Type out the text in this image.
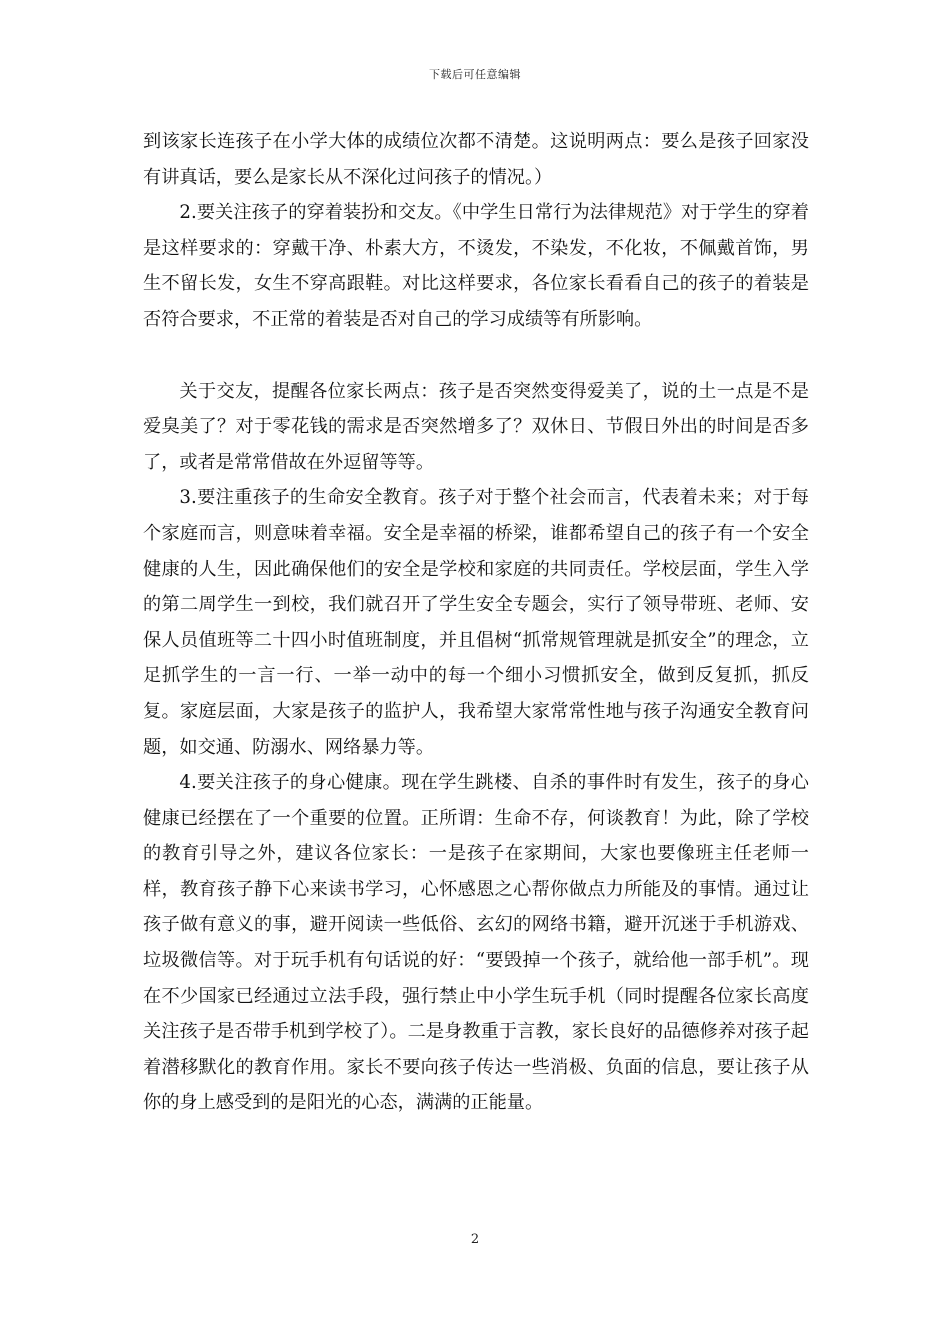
下载后可任意编辑

到该家长连孩子在小学大体的成绩位次都不清楚。这说明两点：要么是孩子回家没有讲真话，要么是家长从不深化过问孩子的情况。）

2.要关注孩子的穿着装扮和交友。《中学生日常行为法律规范》对于学生的穿着是这样要求的：穿戴干净、朴素大方，不烫发，不染发，不化妆，不佩戴首饰，男生不留长发，女生不穿高跟鞋。对比这样要求，各位家长看看自己的孩子的着装是否符合要求，不正常的着装是否对自己的学习成绩等有所影响。

关于交友，提醒各位家长两点：孩子是否突然变得爱美了，说的土一点是不是爱臭美了？对于零花钱的需求是否突然增多了？双休日、节假日外出的时间是否多了，或者是常常借故在外逗留等等。

3.要注重孩子的生命安全教育。孩子对于整个社会而言，代表着未来；对于每个家庭而言，则意味着幸福。安全是幸福的桥梁，谁都希望自己的孩子有一个安全健康的人生，因此确保他们的安全是学校和家庭的共同责任。学校层面，学生入学的第二周学生一到校，我们就召开了学生安全专题会，实行了领导带班、老师、安保人员值班等二十四小时值班制度，并且倡树“抓常规管理就是抓安全”的理念，立足抓学生的一言一行、一举一动中的每一个细小习惯抓安全，做到反复抓，抓反复。家庭层面，大家是孩子的监护人，我希望大家常常性地与孩子沟通安全教育问题，如交通、防溺水、网络暴力等。

4.要关注孩子的身心健康。现在学生跳楼、自杀的事件时有发生，孩子的身心健康已经摆在了一个重要的位置。正所谓：生命不存，何谈教育！为此，除了学校的教育引导之外，建议各位家长：一是孩子在家期间，大家也要像班主任老师一样，教育孩子静下心来读书学习，心怀感恩之心帮你做点力所能及的事情。通过让孩子做有意义的事，避开阅读一些低俗、玄幻的网络书籍，避开沉迷于手机游戏、垃圾微信等。对于玩手机有句话说的好：“要毁掉一个孩子，就给他一部手机”。现在不少国家已经通过立法手段，强行禁止中小学生玩手机（同时提醒各位家长高度关注孩子是否带手机到学校了）。二是身教重于言教，家长良好的品德修养对孩子起着潜移默化的教育作用。家长不要向孩子传达一些消极、负面的信息，要让孩子从你的身上感受到的是阳光的心态，满满的正能量。

2
